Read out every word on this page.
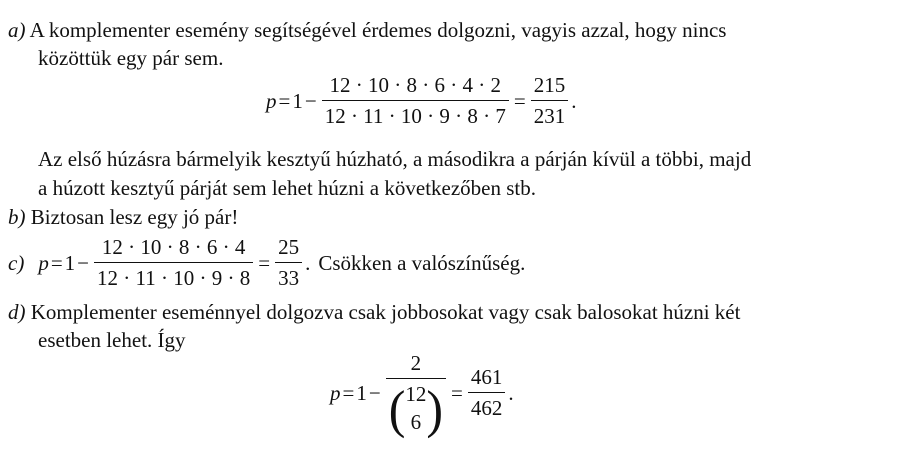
a) A komplementer esemény segítségével érdemes dolgozni, vagyis azzal, hogy nincs
közöttük egy pár sem.
$p = 1 - \frac{12 \cdot 10 \cdot 8 \cdot 6 \cdot 4 \cdot 2}{12 \cdot 11 \cdot 10 \cdot 9 \cdot 8 \cdot 7} = \frac{215}{231}$ .
Az első húzásra bármelyik kesztyű húzható, a másodikra a párján kívül a többi, majd
a húzott kesztyű párját sem lehet húzni a következőben stb.
b) Biztosan lesz egy jó pár!
c) $p = 1 - \frac{12 \cdot 10 \cdot 8 \cdot 6 \cdot 4}{12 \cdot 11 \cdot 10 \cdot 9 \cdot 8} = \frac{25}{33}$ . Csökken a valószínűség.
d) Komplementer eseménnyel dolgozva csak jobbosokat vagy csak balosokat húzni két
esetben lehet. Így
p = 1 −
2
( 12
6 ) = $\frac{461}{462}$ .
